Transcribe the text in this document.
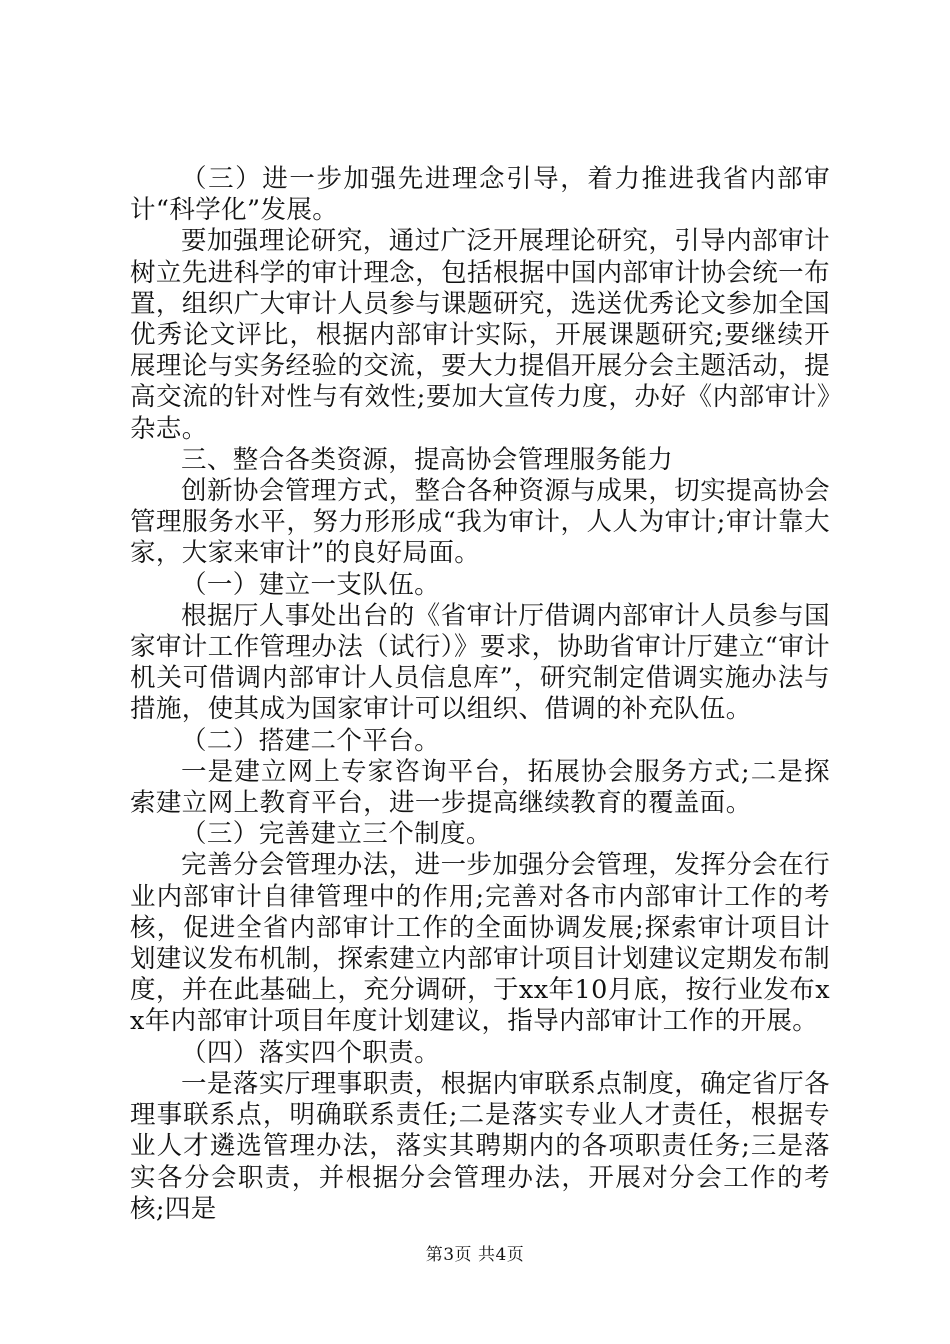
（三）进一步加强先进理念引导，着力推进我省内部审计“科学化”发展。

要加强理论研究，通过广泛开展理论研究，引导内部审计树立先进科学的审计理念，包括根据中国内部审计协会统一布置，组织广大审计人员参与课题研究，选送优秀论文参加全国优秀论文评比，根据内部审计实际，开展课题研究;要继续开展理论与实务经验的交流，要大力提倡开展分会主题活动，提高交流的针对性与有效性;要加大宣传力度，办好《内部审计》杂志。

三、整合各类资源，提高协会管理服务能力

创新协会管理方式，整合各种资源与成果，切实提高协会管理服务水平，努力形形成“我为审计，人人为审计;审计靠大家，大家来审计”的良好局面。

（一）建立一支队伍。

根据厅人事处出台的《省审计厅借调内部审计人员参与国家审计工作管理办法（试行）》要求，协助省审计厅建立“审计机关可借调内部审计人员信息库”，研究制定借调实施办法与措施，使其成为国家审计可以组织、借调的补充队伍。

（二）搭建二个平台。

一是建立网上专家咨询平台，拓展协会服务方式;二是探索建立网上教育平台，进一步提高继续教育的覆盖面。

（三）完善建立三个制度。

完善分会管理办法，进一步加强分会管理，发挥分会在行业内部审计自律管理中的作用;完善对各市内部审计工作的考核，促进全省内部审计工作的全面协调发展;探索审计项目计划建议发布机制，探索建立内部审计项目计划建议定期发布制度，并在此基础上，充分调研，于xx年10月底，按行业发布xx年内部审计项目年度计划建议，指导内部审计工作的开展。

（四）落实四个职责。

一是落实厅理事职责，根据内审联系点制度，确定省厅各理事联系点，明确联系责任;二是落实专业人才责任，根据专业人才遴选管理办法，落实其聘期内的各项职责任务;三是落实各分会职责，并根据分会管理办法，开展对分会工作的考核;四是

第3页 共4页
